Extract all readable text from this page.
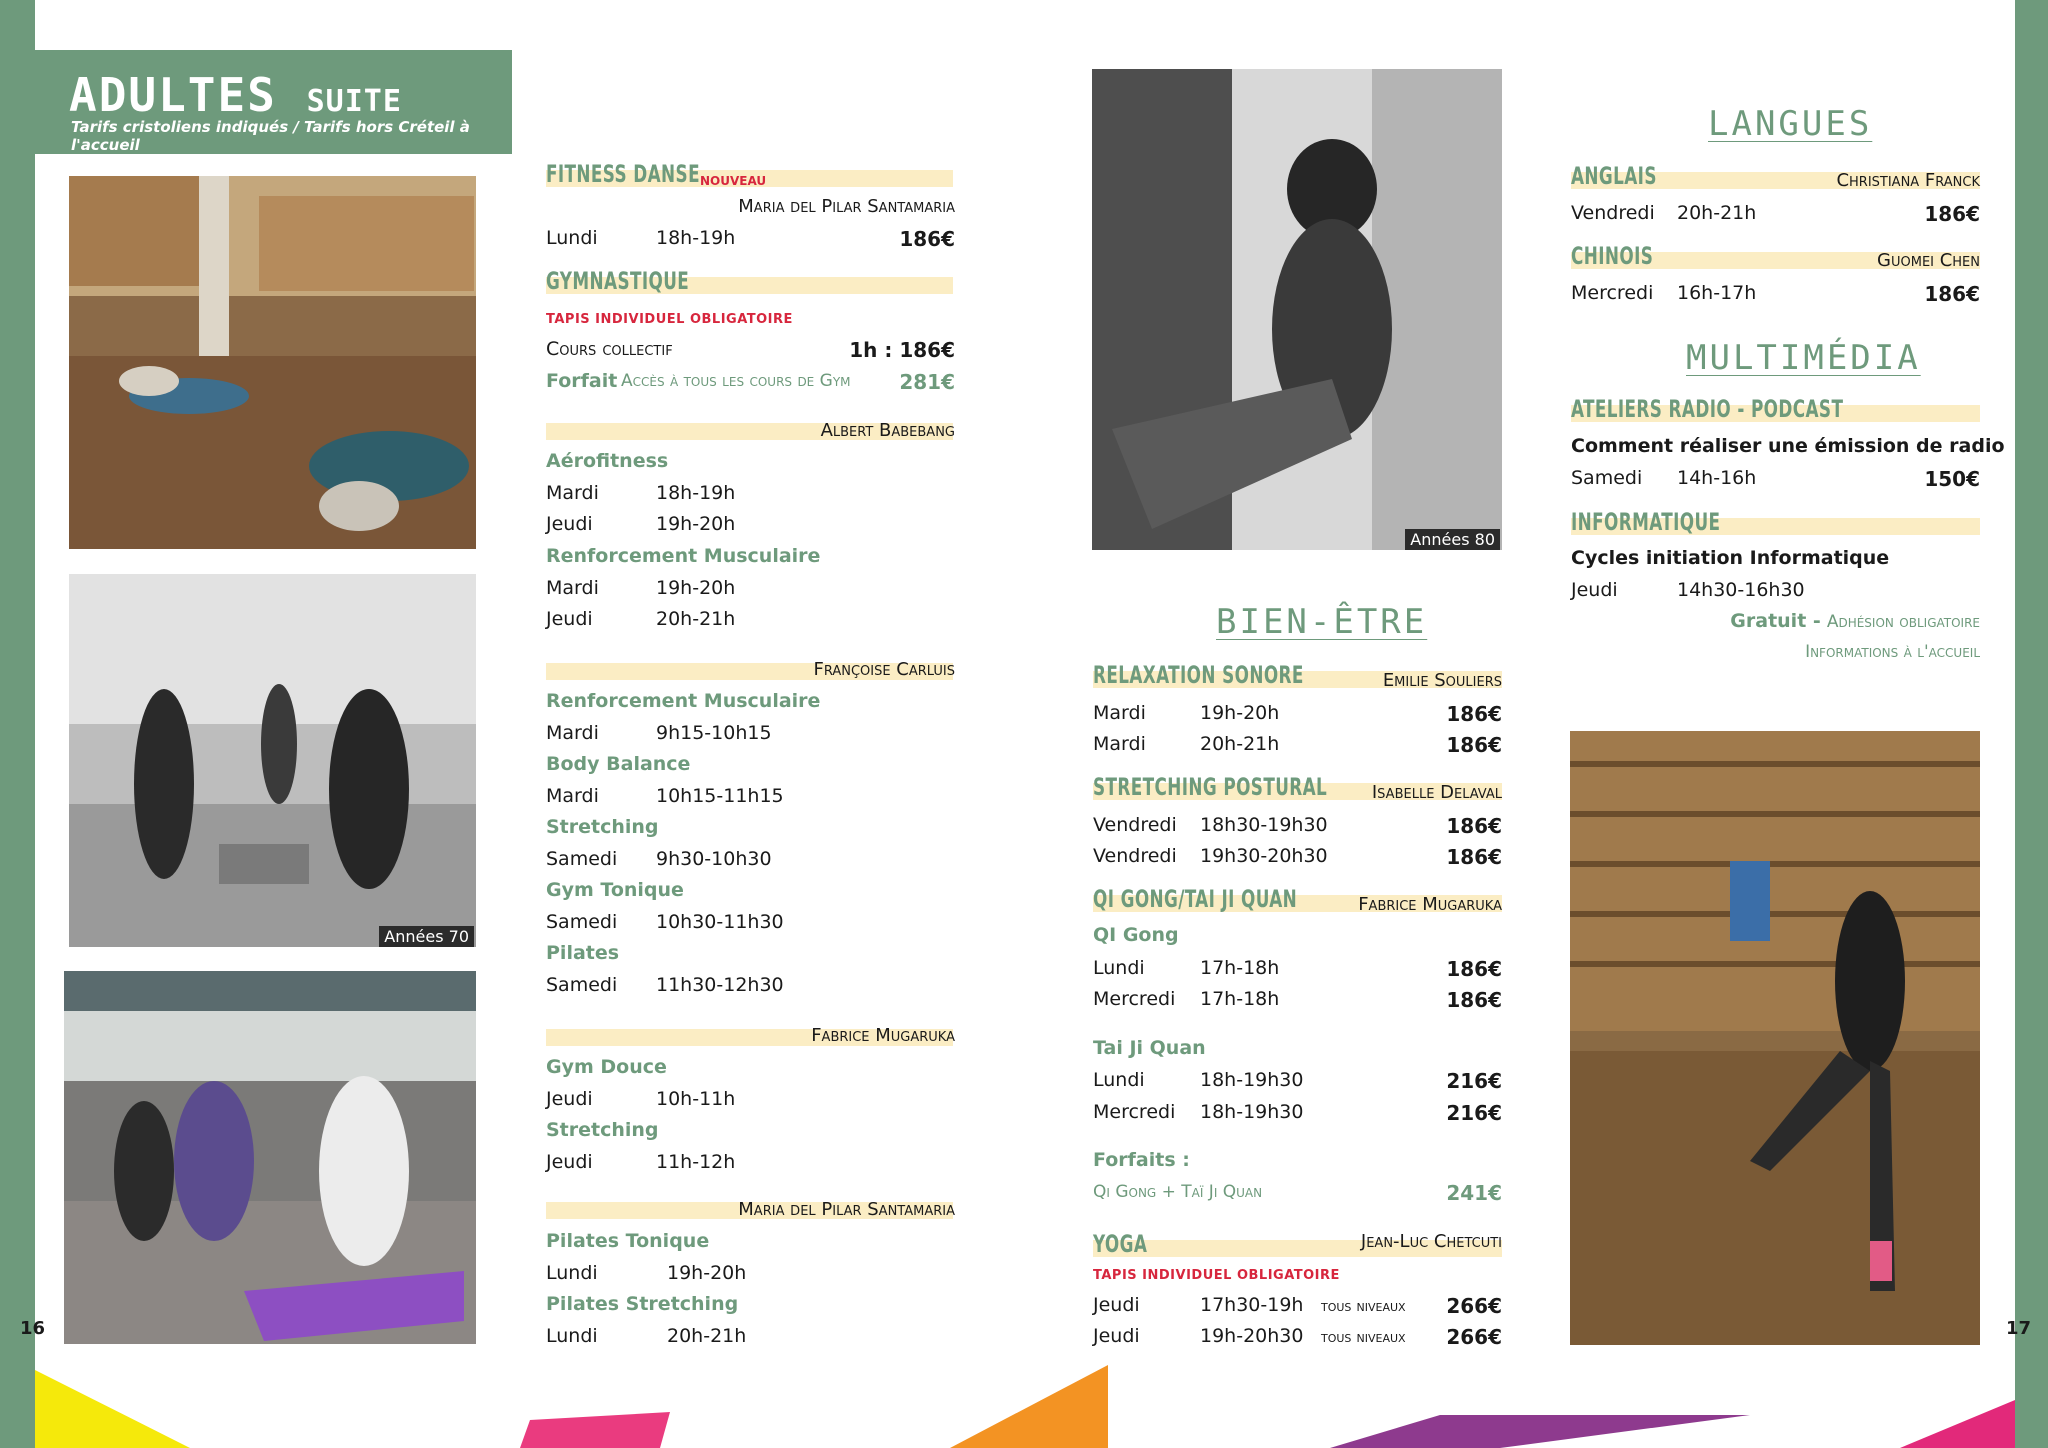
16	17
ADULTES SUITE
Tarifs cristoliens indiqués / Tarifs hors Créteil à l'accueil
Années 70
FITNESS DANSE NOUVEAU
Maria del Pilar Santamaria
Lundi	18h-19h	186€
GYMNASTIQUE
TAPIS INDIVIDUEL OBLIGATOIRE
Cours collectif	1h : 186€
Forfait Accès à tous les cours de Gym 281€
Albert Babebang
Aérofitness
Mardi	18h-19h
Jeudi	19h-20h
Renforcement Musculaire
Mardi	19h-20h
Jeudi	20h-21h
Françoise Carluis
Renforcement Musculaire
Mardi	9h15-10h15
Body Balance
Mardi	10h15-11h15
Stretching
Samedi 9h30-10h30
Gym Tonique
Samedi 10h30-11h30
Pilates
Samedi 11h30-12h30
Fabrice Mugaruka
Gym Douce
Jeudi	10h-11h
Stretching
Jeudi	11h-12h
Maria del Pilar Santamaria
Pilates Tonique
Lundi	19h-20h
Pilates Stretching
Lundi	20h-21h
Années 80
BIEN-ÊTRE
RELAXATION SONORE	Emilie Souliers
Mardi	19h-20h	186€
Mardi	20h-21h	186€
STRETCHING POSTURAL Isabelle Delaval
Vendredi 18h30-19h30	186€
Vendredi 19h30-20h30	186€
QI GONG/TAI JI QUAN	Fabrice Mugaruka
QI Gong
Lundi	17h-18h	186€
Mercredi 17h-18h	186€
Tai Ji Quan
Lundi	18h-19h30	216€
Mercredi 18h-19h30	216€
Forfaits :
Qi Gong + Taï Ji Quan	241€
YOGA	Jean-Luc Chetcuti
TAPIS INDIVIDUEL OBLIGATOIRE
Jeudi	17h30-19h tous niveaux 266€
Jeudi	19h-20h30 tous niveaux 266€
LANGUES
ANGLAIS	Christiana Franck
Vendredi 20h-21h	186€
CHINOIS	Guomei Chen
Mercredi 16h-17h	186€
MULTIMÉDIA
ATELIERS RADIO - PODCAST
Comment réaliser une émission de radio
Samedi 14h-16h	150€
INFORMATIQUE
Cycles initiation Informatique
Jeudi	14h30-16h30
Gratuit - Adhésion obligatoire
Informations à l'accueil
